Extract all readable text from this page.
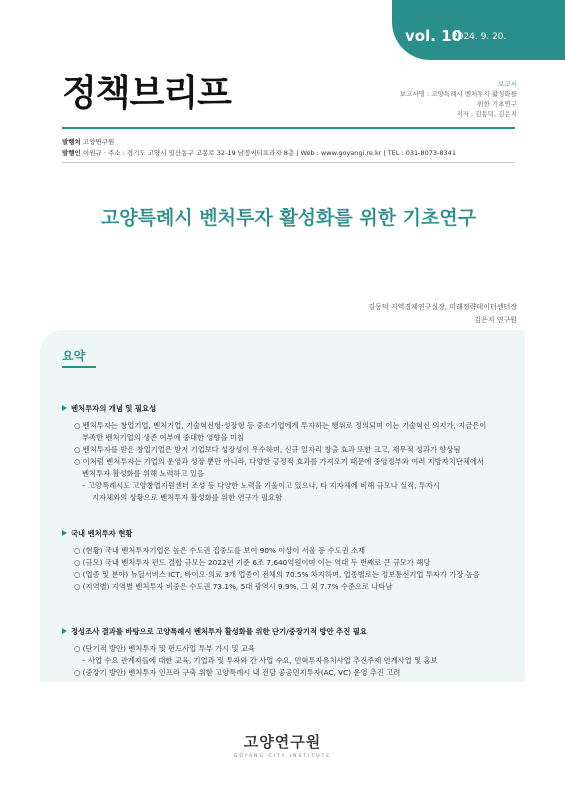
vol. 10
2024. 9. 20.
정책브리프	보고서
보고서명 : 고양특례시 벤처투자 활성화를
위한 기초연구
저자 : 김동덕, 김은지
발행처 고양연구원
발행인 이원규 · 주소 : 경기도 고양시 일산동구 고봉로 32-19 남정씨티프라자 8층 | Web : www.goyangi.re.kr | TEL : 031-8073-8341
고양특례시 벤처투자 활성화를 위한 기초연구
김동덕 지역경제연구실장, 미래전략데이터센터장
김은지 연구원
요약
벤처투자의 개념 및 필요성
○ 벤처투자는 창업기업, 벤처기업, 기술혁신형·성장형 등 중소기업에게 투자하는 행위로 정의되며 이는 기술혁신 의지가, 지금은이
부족한 벤처기업의 생존 여부에 중대한 영향을 미침
○ 벤처투자를 받은 창업기업은 받지 기업보다 성장성이 우수하며, 신규 일자리 창출 효과 또한 크고, 재무적 성과가 향상됨
○ 이처럼 벤처투자는 기업의 운영과 성장 뿐만 아니라, 다양한 긍정적 효과를 가져오기 때문에 중앙정부와 여러 지방자치단체에서
벤처투자 활성화를 위해 노력하고 있음
– 고양특례시도 고양창업지원센터 조성 등 다양한 노력을 기울이고 있으나, 타 지자체에 비해 규모나 실적, 투자시
지자체와의 상황으로 벤처투자 활성화를 위한 연구가 필요함
국내 벤처투자 현황
○ (현황) 국내 벤처투자기업은 높은 수도권 집중도를 보여 90% 이상이 서울 등 수도권 소재
○ (규모) 국내 벤처투자 펀드 결합 규모는 2022년 기준 6조 7,640억원이며 이는 역대 두 번째로 큰 규모가 해당
○ (업종 및 분야) 뉴딜서비스 ICT, 바이오·의료 3개 업종이 전체의 70.5% 차지하며, 업종별로는 정보통신기업 투자가 가장 높음
○ (지역별) 지역별 벤처투자 비중은 수도권 73.1%, 5대 광역시 9.9%, 그 외 7.7% 수준으로 나타남
정성조사 결과를 바탕으로 고양특례시 벤처투자 활성화를 위한 단기/중장기적 방안 추진 필요
○ (단기적 방안) 벤처투자 및 펀드사업 투부 가시 및 교육
– 사업 수요 관계자들에 대한 교육, 기업과 및 투자와 간 사업 수요, 민혁투자유치사업 추진주제 연계사업 및 홍보
○ (중장기 방안) 벤처투자 인프라 구축 위한 고양특례시 내 전담 공공민지투자(AC, VC) 운영 추진 고려
고양연구원
GOYANG CITY INSTITUTE
